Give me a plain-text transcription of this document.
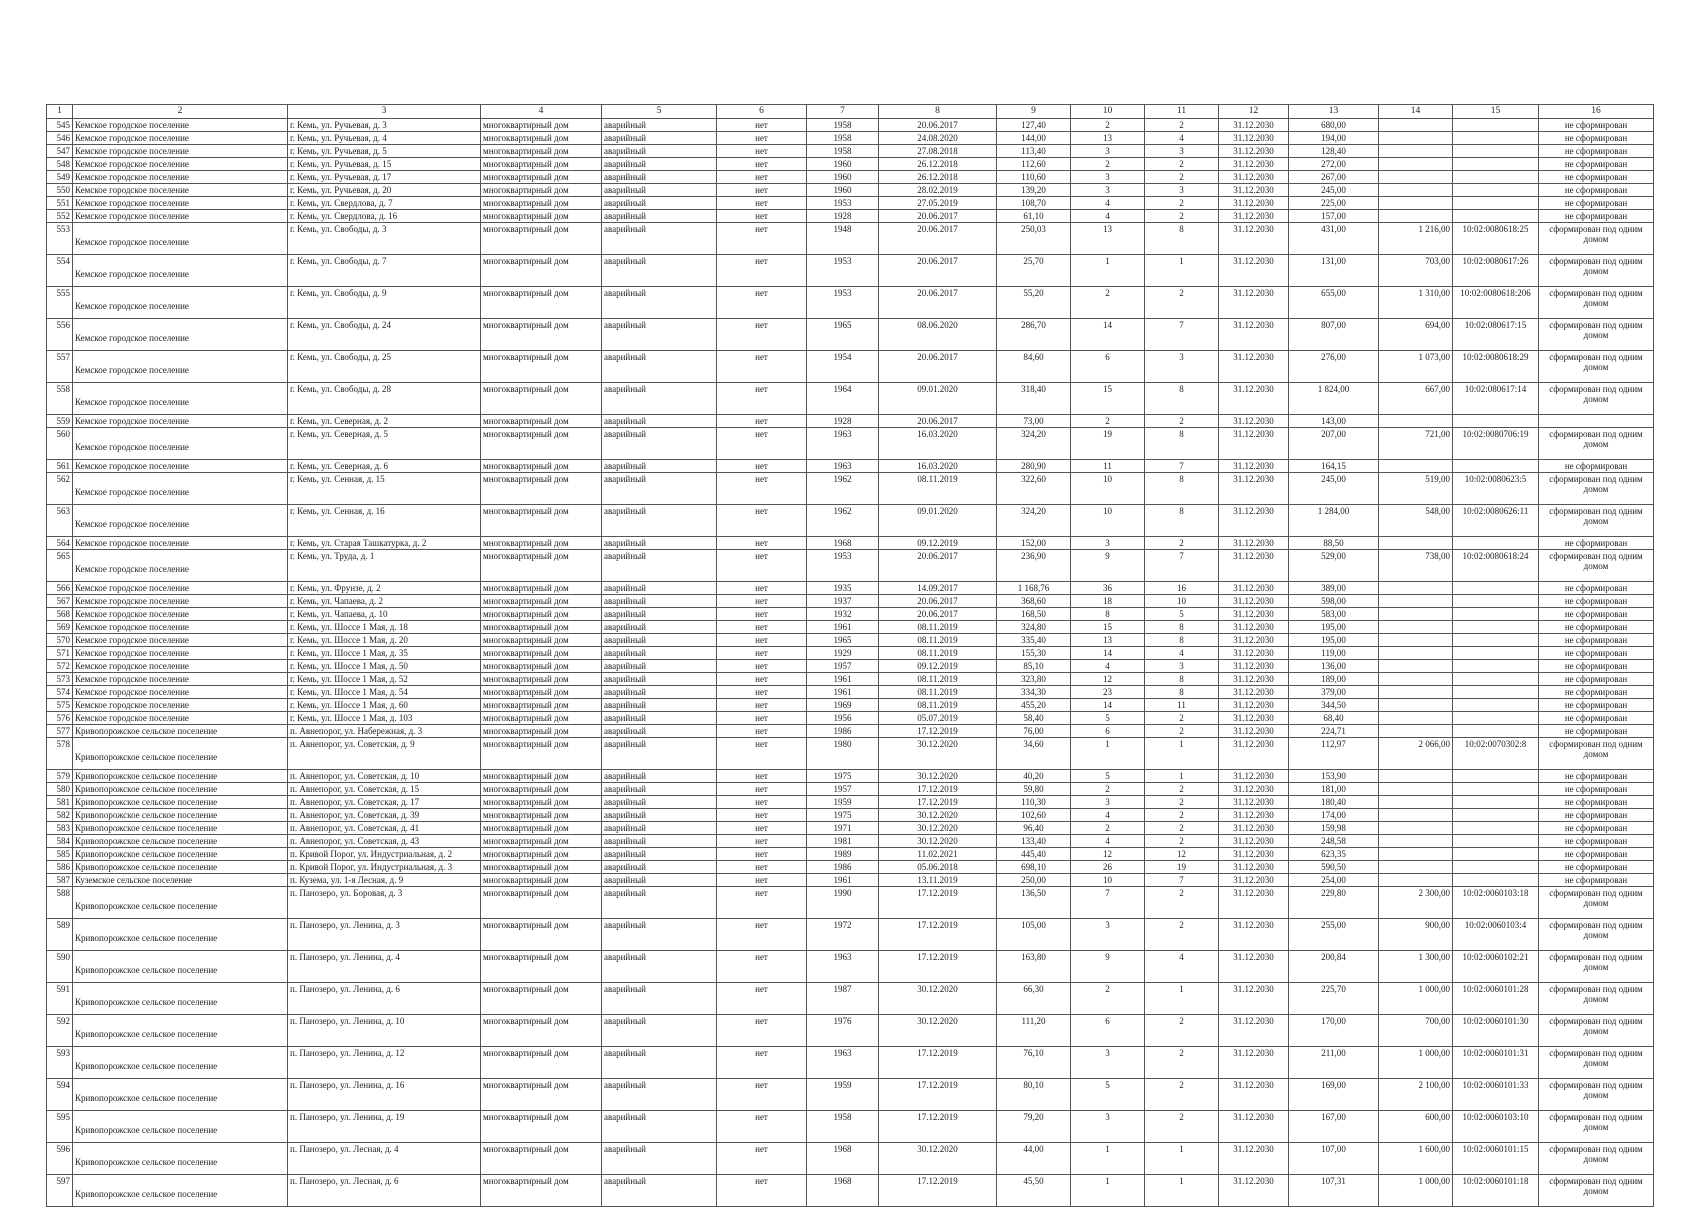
1	2	3	4	5	6	7	8	9	10	11	12	13	14	15	16
545	Кемское городское поселение	г. Кемь, ул. Ручьевая, д. 3	многоквартирный дом	аварийный	нет	1958	20.06.2017	127,40	2	2	31.12.2030	680,00			не сформирован
546	Кемское городское поселение	г. Кемь, ул. Ручьевая, д. 4	многоквартирный дом	аварийный	нет	1958	24.08.2020	144,00	13	4	31.12.2030	194,00			не сформирован
547	Кемское городское поселение	г. Кемь, ул. Ручьевая, д. 5	многоквартирный дом	аварийный	нет	1958	27.08.2018	113,40	3	3	31.12.2030	128,40			не сформирован
548	Кемское городское поселение	г. Кемь, ул. Ручьевая, д. 15	многоквартирный дом	аварийный	нет	1960	26.12.2018	112,60	2	2	31.12.2030	272,00			не сформирован
549	Кемское городское поселение	г. Кемь, ул. Ручьевая, д. 17	многоквартирный дом	аварийный	нет	1960	26.12.2018	110,60	3	2	31.12.2030	267,00			не сформирован
550	Кемское городское поселение	г. Кемь, ул. Ручьевая, д. 20	многоквартирный дом	аварийный	нет	1960	28.02.2019	139,20	3	3	31.12.2030	245,00			не сформирован
551	Кемское городское поселение	г. Кемь, ул. Свердлова, д. 7	многоквартирный дом	аварийный	нет	1953	27.05.2019	108,70	4	2	31.12.2030	225,00			не сформирован
552	Кемское городское поселение	г. Кемь, ул. Свердлова, д. 16	многоквартирный дом	аварийный	нет	1928	20.06.2017	61,10	4	2	31.12.2030	157,00			не сформирован
553	Кемское городское поселение	г. Кемь, ул. Свободы, д. 3	многоквартирный дом	аварийный	нет	1948	20.06.2017	250,03	13	8	31.12.2030	431,00	1 216,00	10:02:0080618:25	сформирован под одним домом
554	Кемское городское поселение	г. Кемь, ул. Свободы, д. 7	многоквартирный дом	аварийный	нет	1953	20.06.2017	25,70	1	1	31.12.2030	131,00	703,00	10:02:0080617:26	сформирован под одним домом
555	Кемское городское поселение	г. Кемь, ул. Свободы, д. 9	многоквартирный дом	аварийный	нет	1953	20.06.2017	55,20	2	2	31.12.2030	655,00	1 310,00	10:02:0080618:206	сформирован под одним домом
556	Кемское городское поселение	г. Кемь, ул. Свободы, д. 24	многоквартирный дом	аварийный	нет	1965	08.06.2020	286,70	14	7	31.12.2030	807,00	694,00	10:02:080617:15	сформирован под одним домом
557	Кемское городское поселение	г. Кемь, ул. Свободы, д. 25	многоквартирный дом	аварийный	нет	1954	20.06.2017	84,60	6	3	31.12.2030	276,00	1 073,00	10:02:0080618:29	сформирован под одним домом
558	Кемское городское поселение	г. Кемь, ул. Свободы, д. 28	многоквартирный дом	аварийный	нет	1964	09.01.2020	318,40	15	8	31.12.2030	1 824,00	667,00	10:02:080617:14	сформирован под одним домом
559	Кемское городское поселение	г. Кемь, ул. Северная, д. 2	многоквартирный дом	аварийный	нет	1928	20.06.2017	73,00	2	2	31.12.2030	143,00			
560	Кемское городское поселение	г. Кемь, ул. Северная, д. 5	многоквартирный дом	аварийный	нет	1963	16.03.2020	324,20	19	8	31.12.2030	207,00	721,00	10:02:0080706:19	сформирован под одним домом
561	Кемское городское поселение	г. Кемь, ул. Северная, д. 6	многоквартирный дом	аварийный	нет	1963	16.03.2020	280,90	11	7	31.12.2030	164,15			не сформирован
562	Кемское городское поселение	г. Кемь, ул. Сенная, д. 15	многоквартирный дом	аварийный	нет	1962	08.11.2019	322,60	10	8	31.12.2030	245,00	519,00	10:02:0080623:5	сформирован под одним домом
563	Кемское городское поселение	г. Кемь, ул. Сенная, д. 16	многоквартирный дом	аварийный	нет	1962	09.01.2020	324,20	10	8	31.12.2030	1 284,00	548,00	10:02:0080626:11	сформирован под одним домом
564	Кемское городское поселение	г. Кемь, ул. Старая Ташкатурка, д. 2	многоквартирный дом	аварийный	нет	1968	09.12.2019	152,00	3	2	31.12.2030	88,50			не сформирован
565	Кемское городское поселение	г. Кемь, ул. Труда, д. 1	многоквартирный дом	аварийный	нет	1953	20.06.2017	236,90	9	7	31.12.2030	529,00	738,00	10:02:0080618:24	сформирован под одним домом
566	Кемское городское поселение	г. Кемь, ул. Фрунзе, д. 2	многоквартирный дом	аварийный	нет	1935	14.09.2017	1 168,76	36	16	31.12.2030	389,00			не сформирован
567	Кемское городское поселение	г. Кемь, ул. Чапаева, д. 2	многоквартирный дом	аварийный	нет	1937	20.06.2017	368,60	18	10	31.12.2030	598,00			не сформирован
568	Кемское городское поселение	г. Кемь, ул. Чапаева, д. 10	многоквартирный дом	аварийный	нет	1932	20.06.2017	168,50	8	5	31.12.2030	583,00			не сформирован
569	Кемское городское поселение	г. Кемь, ул. Шоссе 1 Мая, д. 18	многоквартирный дом	аварийный	нет	1961	08.11.2019	324,80	15	8	31.12.2030	195,00			не сформирован
570	Кемское городское поселение	г. Кемь, ул. Шоссе 1 Мая, д. 20	многоквартирный дом	аварийный	нет	1965	08.11.2019	335,40	13	8	31.12.2030	195,00			не сформирован
571	Кемское городское поселение	г. Кемь, ул. Шоссе 1 Мая, д. 35	многоквартирный дом	аварийный	нет	1929	08.11.2019	155,30	14	4	31.12.2030	119,00			не сформирован
572	Кемское городское поселение	г. Кемь, ул. Шоссе 1 Мая, д. 50	многоквартирный дом	аварийный	нет	1957	09.12.2019	85,10	4	3	31.12.2030	136,00			не сформирован
573	Кемское городское поселение	г. Кемь, ул. Шоссе 1 Мая, д. 52	многоквартирный дом	аварийный	нет	1961	08.11.2019	323,80	12	8	31.12.2030	189,00			не сформирован
574	Кемское городское поселение	г. Кемь, ул. Шоссе 1 Мая, д. 54	многоквартирный дом	аварийный	нет	1961	08.11.2019	334,30	23	8	31.12.2030	379,00			не сформирован
575	Кемское городское поселение	г. Кемь, ул. Шоссе 1 Мая, д. 60	многоквартирный дом	аварийный	нет	1969	08.11.2019	455,20	14	11	31.12.2030	344,50			не сформирован
576	Кемское городское поселение	г. Кемь, ул. Шоссе 1 Мая, д. 103	многоквартирный дом	аварийный	нет	1956	05.07.2019	58,40	5	2	31.12.2030	68,40			не сформирован
577	Кривопорожское сельское поселение	п. Авнепорог, ул. Набережная, д. 3	многоквартирный дом	аварийный	нет	1986	17.12.2019	76,00	6	2	31.12.2030	224,71			не сформирован
578	Кривопорожское сельское поселение	п. Авнепорог, ул. Советская, д. 9	многоквартирный дом	аварийный	нет	1980	30.12.2020	34,60	1	1	31.12.2030	112,97	2 066,00	10:02:0070302:8	сформирован под одним домом
579	Кривопорожское сельское поселение	п. Авнепорог, ул. Советская, д. 10	многоквартирный дом	аварийный	нет	1975	30.12.2020	40,20	5	1	31.12.2030	153,90			не сформирован
580	Кривопорожское сельское поселение	п. Авнепорог, ул. Советская, д. 15	многоквартирный дом	аварийный	нет	1957	17.12.2019	59,80	2	2	31.12.2030	181,00			не сформирован
581	Кривопорожское сельское поселение	п. Авнепорог, ул. Советская, д. 17	многоквартирный дом	аварийный	нет	1959	17.12.2019	110,30	3	2	31.12.2030	180,40			не сформирован
582	Кривопорожское сельское поселение	п. Авнепорог, ул. Советская, д. 39	многоквартирный дом	аварийный	нет	1975	30.12.2020	102,60	4	2	31.12.2030	174,00			не сформирован
583	Кривопорожское сельское поселение	п. Авнепорог, ул. Советская, д. 41	многоквартирный дом	аварийный	нет	1971	30.12.2020	96,40	2	2	31.12.2030	159,98			не сформирован
584	Кривопорожское сельское поселение	п. Авнепорог, ул. Советская, д. 43	многоквартирный дом	аварийный	нет	1981	30.12.2020	133,40	4	2	31.12.2030	248,58			не сформирован
585	Кривопорожское сельское поселение	п. Кривой Порог, ул. Индустриальная, д. 2	многоквартирный дом	аварийный	нет	1989	11.02.2021	445,40	12	12	31.12.2030	623,35			не сформирован
586	Кривопорожское сельское поселение	п. Кривой Порог, ул. Индустриальная, д. 3	многоквартирный дом	аварийный	нет	1986	05.06.2018	698,10	26	19	31.12.2030	590,50			не сформирован
587	Куземское сельское поселение	п. Кузема, ул. 1-я Лесная, д. 9	многоквартирный дом	аварийный	нет	1961	13.11.2019	250,00	10	7	31.12.2030	254,00			не сформирован
588	Кривопорожское сельское поселение	п. Панозеро, ул. Боровая, д. 3	многоквартирный дом	аварийный	нет	1990	17.12.2019	136,50	7	2	31.12.2030	229,80	2 300,00	10:02:0060103:18	сформирован под одним домом
589	Кривопорожское сельское поселение	п. Панозеро, ул. Ленина, д. 3	многоквартирный дом	аварийный	нет	1972	17.12.2019	105,00	3	2	31.12.2030	255,00	900,00	10:02:0060103:4	сформирован под одним домом
590	Кривопорожское сельское поселение	п. Панозеро, ул. Ленина, д. 4	многоквартирный дом	аварийный	нет	1963	17.12.2019	163,80	9	4	31.12.2030	200,84	1 300,00	10:02:0060102:21	сформирован под одним домом
591	Кривопорожское сельское поселение	п. Панозеро, ул. Ленина, д. 6	многоквартирный дом	аварийный	нет	1987	30.12.2020	66,30	2	1	31.12.2030	225,70	1 000,00	10:02:0060101:28	сформирован под одним домом
592	Кривопорожское сельское поселение	п. Панозеро, ул. Ленина, д. 10	многоквартирный дом	аварийный	нет	1976	30.12.2020	111,20	6	2	31.12.2030	170,00	700,00	10:02:0060101:30	сформирован под одним домом
593	Кривопорожское сельское поселение	п. Панозеро, ул. Ленина, д. 12	многоквартирный дом	аварийный	нет	1963	17.12.2019	76,10	3	2	31.12.2030	211,00	1 000,00	10:02:0060101:31	сформирован под одним домом
594	Кривопорожское сельское поселение	п. Панозеро, ул. Ленина, д. 16	многоквартирный дом	аварийный	нет	1959	17.12.2019	80,10	5	2	31.12.2030	169,00	2 100,00	10:02:0060101:33	сформирован под одним домом
595	Кривопорожское сельское поселение	п. Панозеро, ул. Ленина, д. 19	многоквартирный дом	аварийный	нет	1958	17.12.2019	79,20	3	2	31.12.2030	167,00	600,00	10:02:0060103:10	сформирован под одним домом
596	Кривопорожское сельское поселение	п. Панозеро, ул. Лесная, д. 4	многоквартирный дом	аварийный	нет	1968	30.12.2020	44,00	1	1	31.12.2030	107,00	1 600,00	10:02:0060101:15	сформирован под одним домом
597	Кривопорожское сельское поселение	п. Панозеро, ул. Лесная, д. 6	многоквартирный дом	аварийный	нет	1968	17.12.2019	45,50	1	1	31.12.2030	107,31	1 000,00	10:02:0060101:18	сформирован под одним домом
